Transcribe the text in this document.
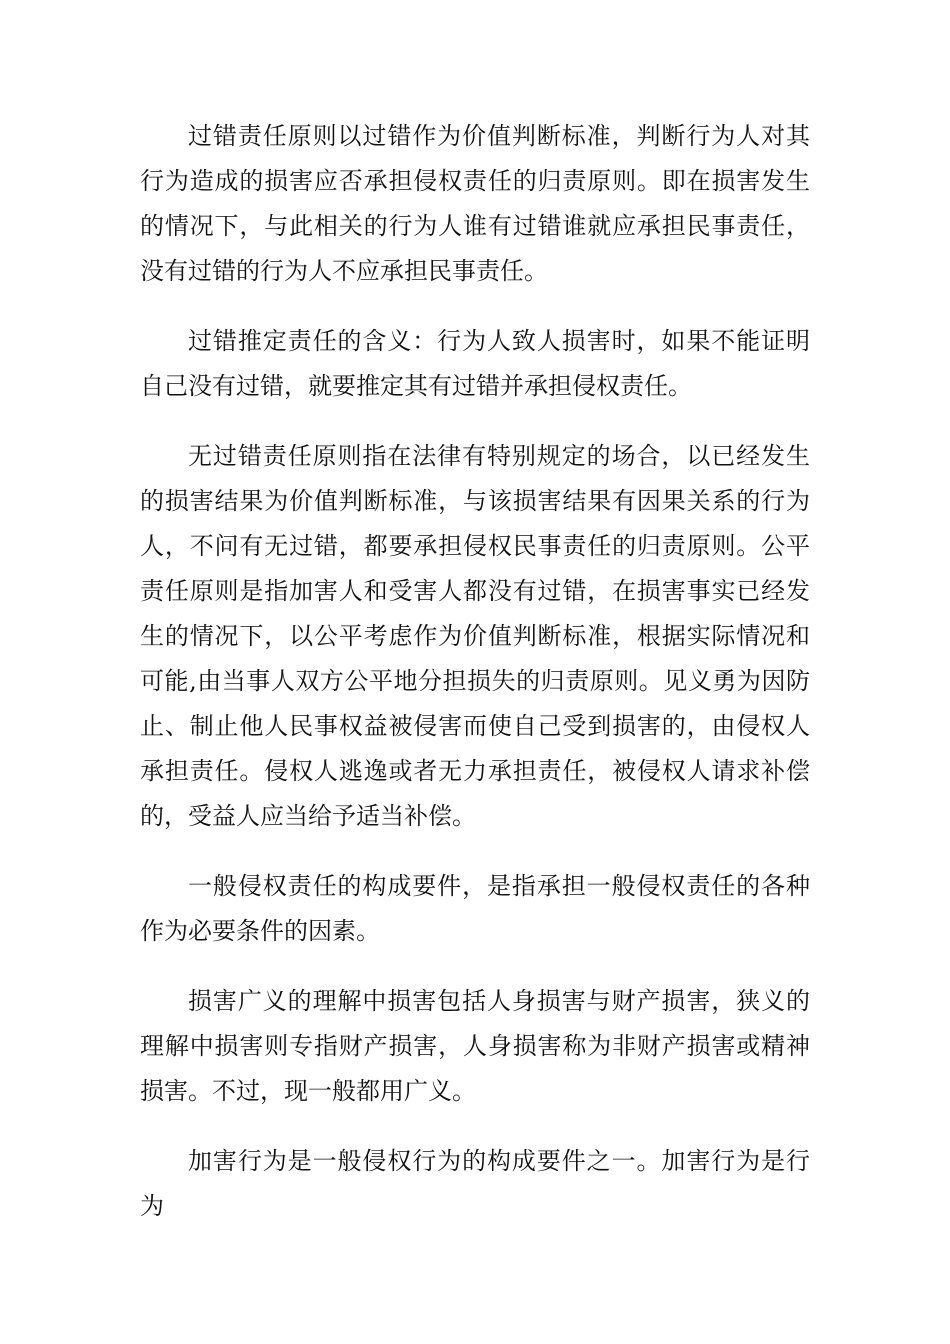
过错责任原则以过错作为价值判断标准，判断行为人对其行为造成的损害应否承担侵权责任的归责原则。即在损害发生的情况下，与此相关的行为人谁有过错谁就应承担民事责任，没有过错的行为人不应承担民事责任。

过错推定责任的含义：行为人致人损害时，如果不能证明自己没有过错，就要推定其有过错并承担侵权责任。

无过错责任原则指在法律有特别规定的场合，以已经发生的损害结果为价值判断标准，与该损害结果有因果关系的行为人，不问有无过错，都要承担侵权民事责任的归责原则。公平责任原则是指加害人和受害人都没有过错，在损害事实已经发生的情况下，以公平考虑作为价值判断标准，根据实际情况和可能,由当事人双方公平地分担损失的归责原则。见义勇为因防止、制止他人民事权益被侵害而使自己受到损害的，由侵权人承担责任。侵权人逃逸或者无力承担责任，被侵权人请求补偿的，受益人应当给予适当补偿。

一般侵权责任的构成要件，是指承担一般侵权责任的各种作为必要条件的因素。

损害广义的理解中损害包括人身损害与财产损害，狭义的理解中损害则专指财产损害，人身损害称为非财产损害或精神损害。不过，现一般都用广义。

加害行为是一般侵权行为的构成要件之一。加害行为是行为
